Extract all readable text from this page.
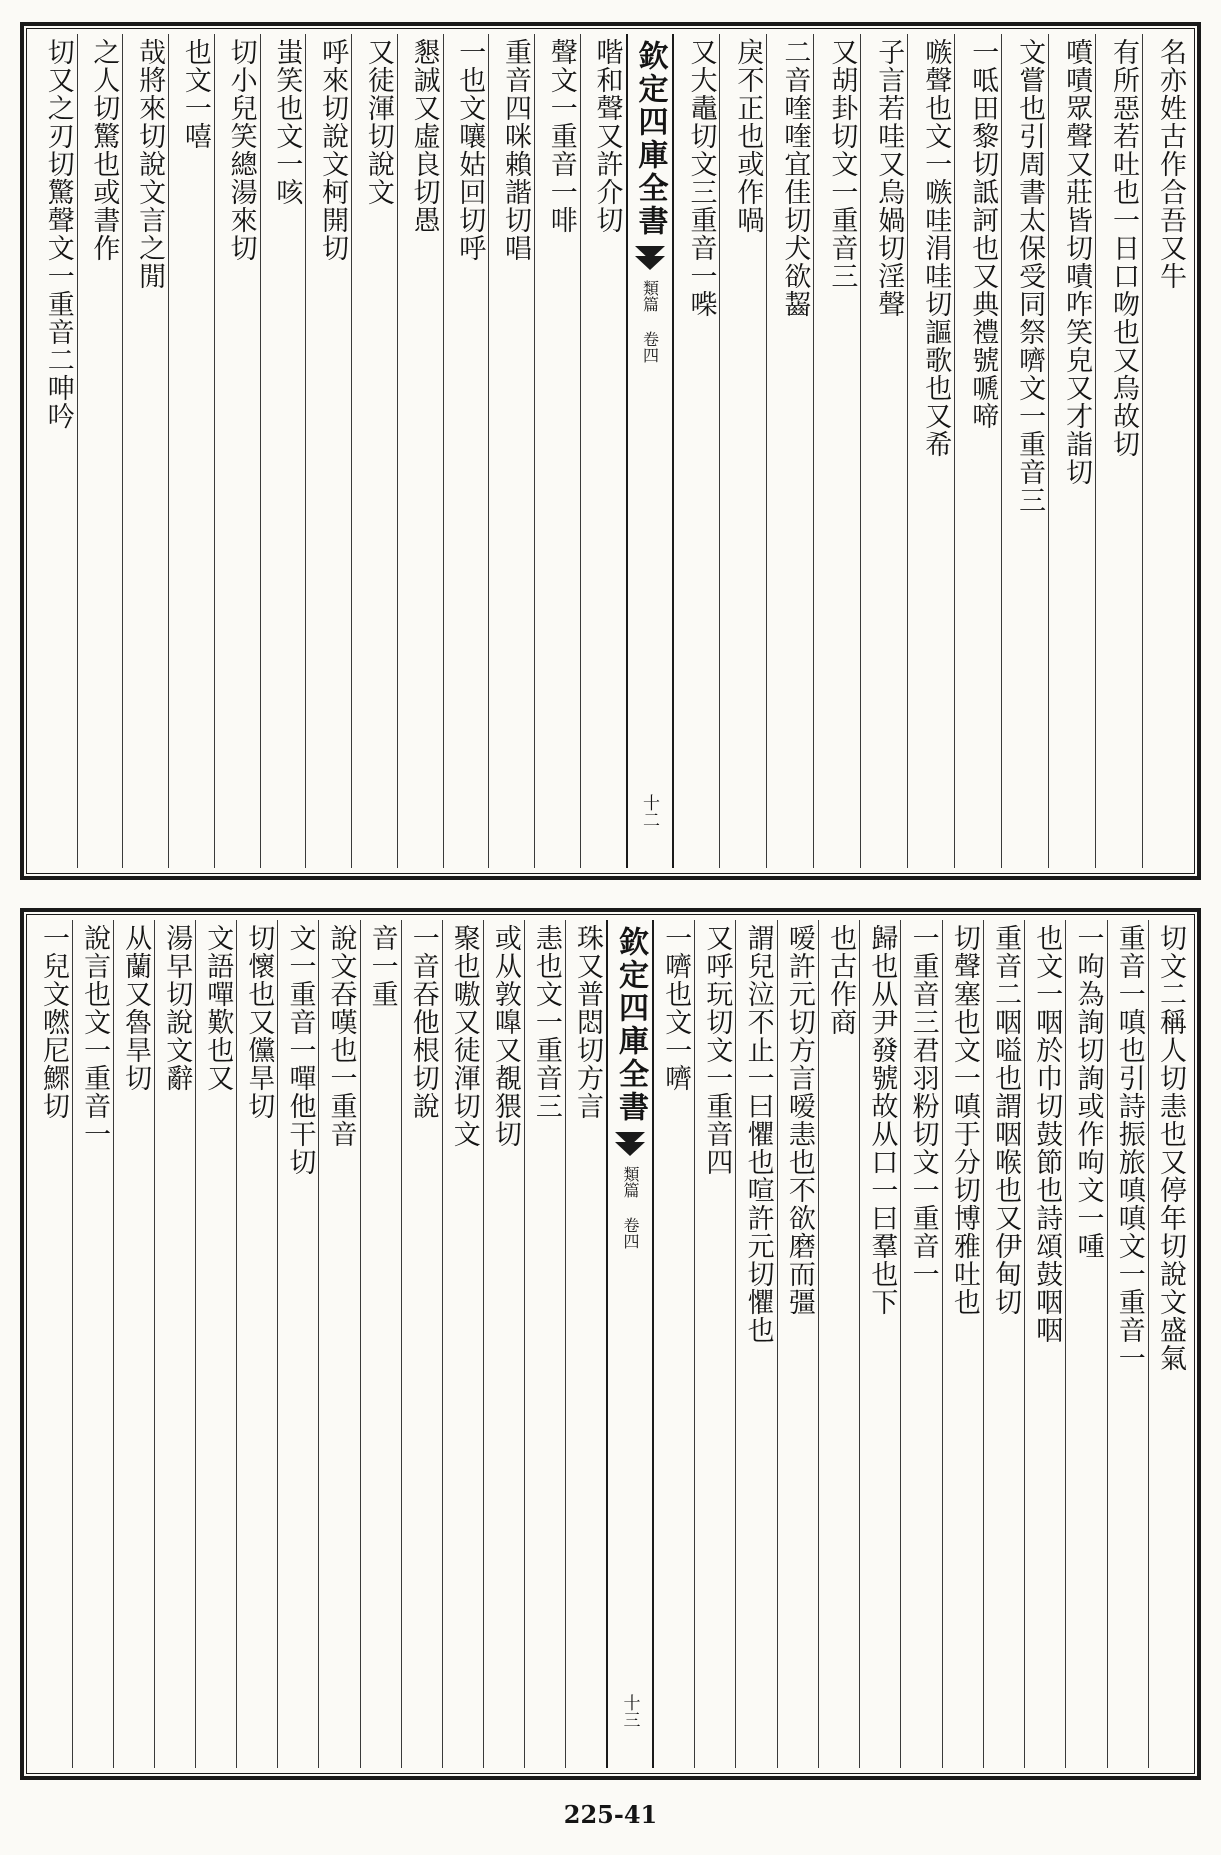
名亦姓古作合吾又牛
有所惡若吐也一日口吻也又烏故切
噴嘖眾聲又莊皆切嘖咋笑皃又才詣切
文嘗也引周書太保受同祭嚌文一重音三
一呧田黎切詆訶也又典禮號嗁啼
嗾聲也文一嗾哇涓哇切謳歌也又希
子言若哇又烏媧切淫聲
又胡卦切文一重音三
二音喹喹宜佳切犬欲齧
戾不正也或作喎
又大鼃切文三重音一喍
欽定四庫全書
類篇 卷四
十二
喈和聲又許介切
聲文一重音一啡
重音四咪賴諧切唱
一也文嚷姑回切呼
懇誠又虛良切愚
又徒渾切說文
呼來切說文柯開切
蚩笑也文一咳
切小兒笑總湯來切
也文一嘻
哉將來切說文言之閒
之人切驚也或書作
切又之刃切驚聲文一重音二呻吟
切文二稱人切恚也又停年切說文盛氣
重音一嗔也引詩振旅嗔嗔文一重音一
一呴為詢切詢或作呴文一喠
也文一咽於巾切鼓節也詩頌鼓咽咽
重音二咽嗌也謂咽喉也又伊甸切
切聲塞也文一嗔于分切博雅吐也
一重音三君羽粉切文一重音一
歸也从尹發號故从口一曰羣也下
也古作商
嗳許元切方言嗳恚也不欲磨而彊
謂兒泣不止一曰懼也喧許元切懼也
又呼玩切文一重音四
一嚌也文一嚌
欽定四庫全書
類篇 卷四
十三
珠又普悶切方言
恚也文一重音三
或从敦嘷又覩猥切
聚也嗷又徒渾切文
一音吞他根切說
音一重
說文吞嘆也一重音
文一重音一嘽他干切
切懷也又儻旱切
文語嘽歎也又
湯早切說文辭
从蘭又魯旱切
說言也文一重音一
一兒文嘫尼鰥切
225-41
